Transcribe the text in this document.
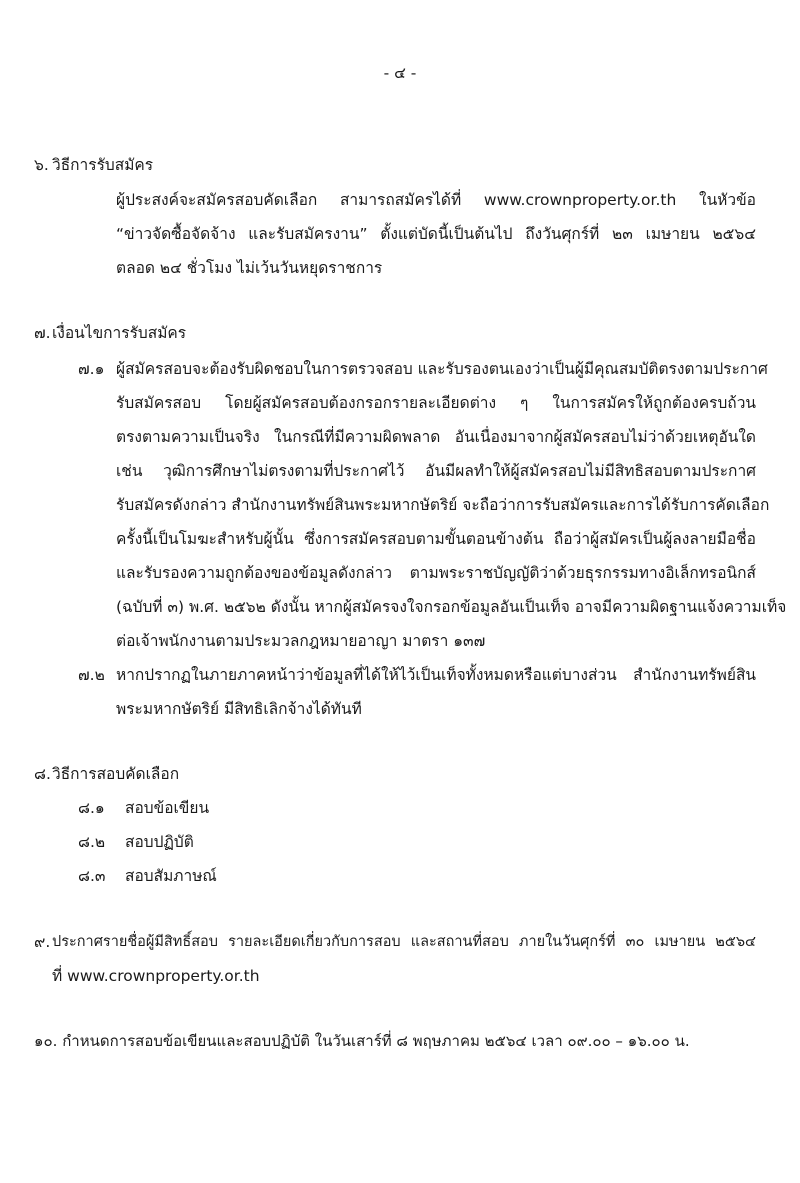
- ๔ -
๖. วิธีการรับสมัคร
ผู้ประสงค์จะสมัครสอบคัดเลือก สามารถสมัครได้ที่ www.crownproperty.or.th ในหัวข้อ
“ข่าวจัดซื้อจัดจ้าง และรับสมัครงาน” ตั้งแต่บัดนี้เป็นต้นไป ถึงวันศุกร์ที่ ๒๓ เมษายน ๒๕๖๔
ตลอด ๒๔ ชั่วโมง ไม่เว้นวันหยุดราชการ
๗. เงื่อนไขการรับสมัคร
๗.๑ ผู้สมัครสอบจะต้องรับผิดชอบในการตรวจสอบ และรับรองตนเองว่าเป็นผู้มีคุณสมบัติตรงตามประกาศ
รับสมัครสอบ โดยผู้สมัครสอบต้องกรอกรายละเอียดต่าง ๆ ในการสมัครให้ถูกต้องครบถ้วน
ตรงตามความเป็นจริง ในกรณีที่มีความผิดพลาด อันเนื่องมาจากผู้สมัครสอบไม่ว่าด้วยเหตุอันใด
เช่น วุฒิการศึกษาไม่ตรงตามที่ประกาศไว้ อันมีผลทำให้ผู้สมัครสอบไม่มีสิทธิสอบตามประกาศ
รับสมัครดังกล่าว สำนักงานทรัพย์สินพระมหากษัตริย์ จะถือว่าการรับสมัครและการได้รับการคัดเลือก
ครั้งนี้เป็นโมฆะสำหรับผู้นั้น ซึ่งการสมัครสอบตามขั้นตอนข้างต้น ถือว่าผู้สมัครเป็นผู้ลงลายมือชื่อ
และรับรองความถูกต้องของข้อมูลดังกล่าว ตามพระราชบัญญัติว่าด้วยธุรกรรมทางอิเล็กทรอนิกส์
(ฉบับที่ ๓) พ.ศ. ๒๕๖๒ ดังนั้น หากผู้สมัครจงใจกรอกข้อมูลอันเป็นเท็จ อาจมีความผิดฐานแจ้งความเท็จ
ต่อเจ้าพนักงานตามประมวลกฎหมายอาญา มาตรา ๑๓๗
๗.๒ หากปรากฏในภายภาคหน้าว่าข้อมูลที่ได้ให้ไว้เป็นเท็จทั้งหมดหรือแต่บางส่วน สำนักงานทรัพย์สิน
พระมหากษัตริย์ มีสิทธิเลิกจ้างได้ทันที
๘. วิธีการสอบคัดเลือก
๘.๑ สอบข้อเขียน
๘.๒ สอบปฏิบัติ
๘.๓ สอบสัมภาษณ์
๙. ประกาศรายชื่อผู้มีสิทธิ์สอบ รายละเอียดเกี่ยวกับการสอบ และสถานที่สอบ ภายในวันศุกร์ที่ ๓๐ เมษายน ๒๕๖๔
ที่ www.crownproperty.or.th
๑๐. กำหนดการสอบข้อเขียนและสอบปฏิบัติ ในวันเสาร์ที่ ๘ พฤษภาคม ๒๕๖๔ เวลา ๐๙.๐๐ – ๑๖.๐๐ น.
